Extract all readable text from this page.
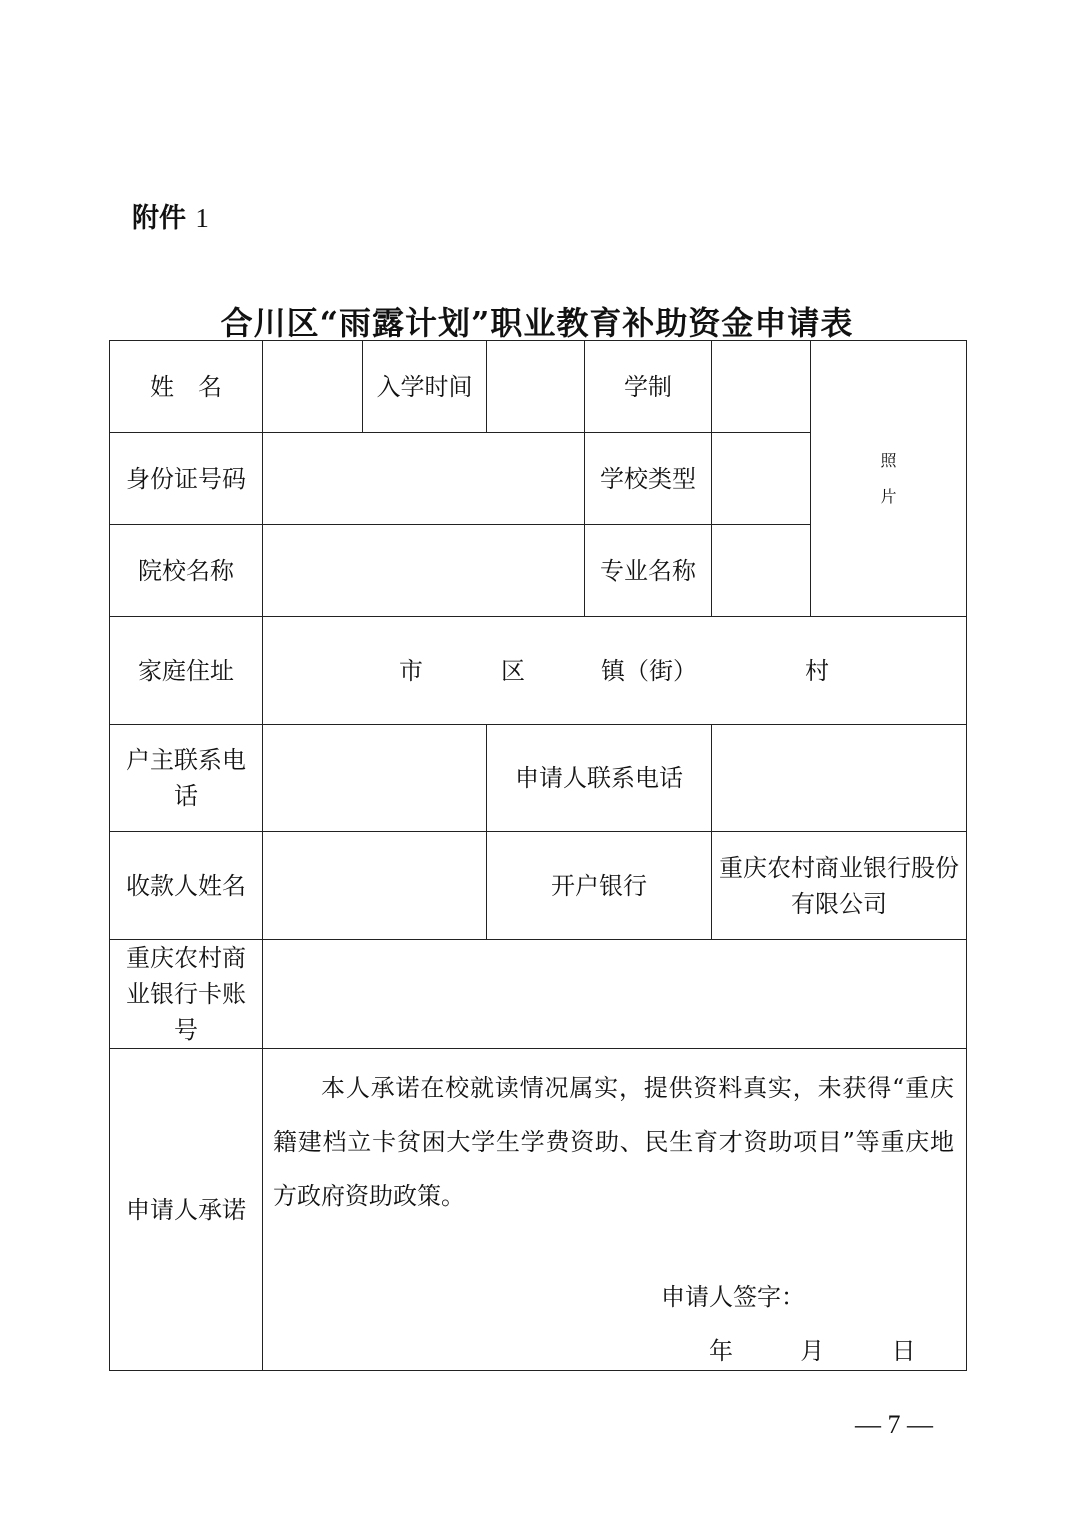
附件 1
合川区“雨露计划”职业教育补助资金申请表
姓　名		入学时间		学制		照
片

身份证号码				学校类型		
院校名称				专业名称		
家庭住址	市 区 镇（街） 村					

户主联系电话			申请人联系电话			
收款人姓名			开户银行		重庆农村商业银行股份有限公司	
重庆农村商业银行卡账号						
申请人承诺	本人承诺在校就读情况属实，提供资料真实，未获得“重庆籍建档立卡贫困大学生学费资助、民生育才资助项目”等重庆地方政府资助政策。
申请人签字：
年 月 日					
— 7 —
